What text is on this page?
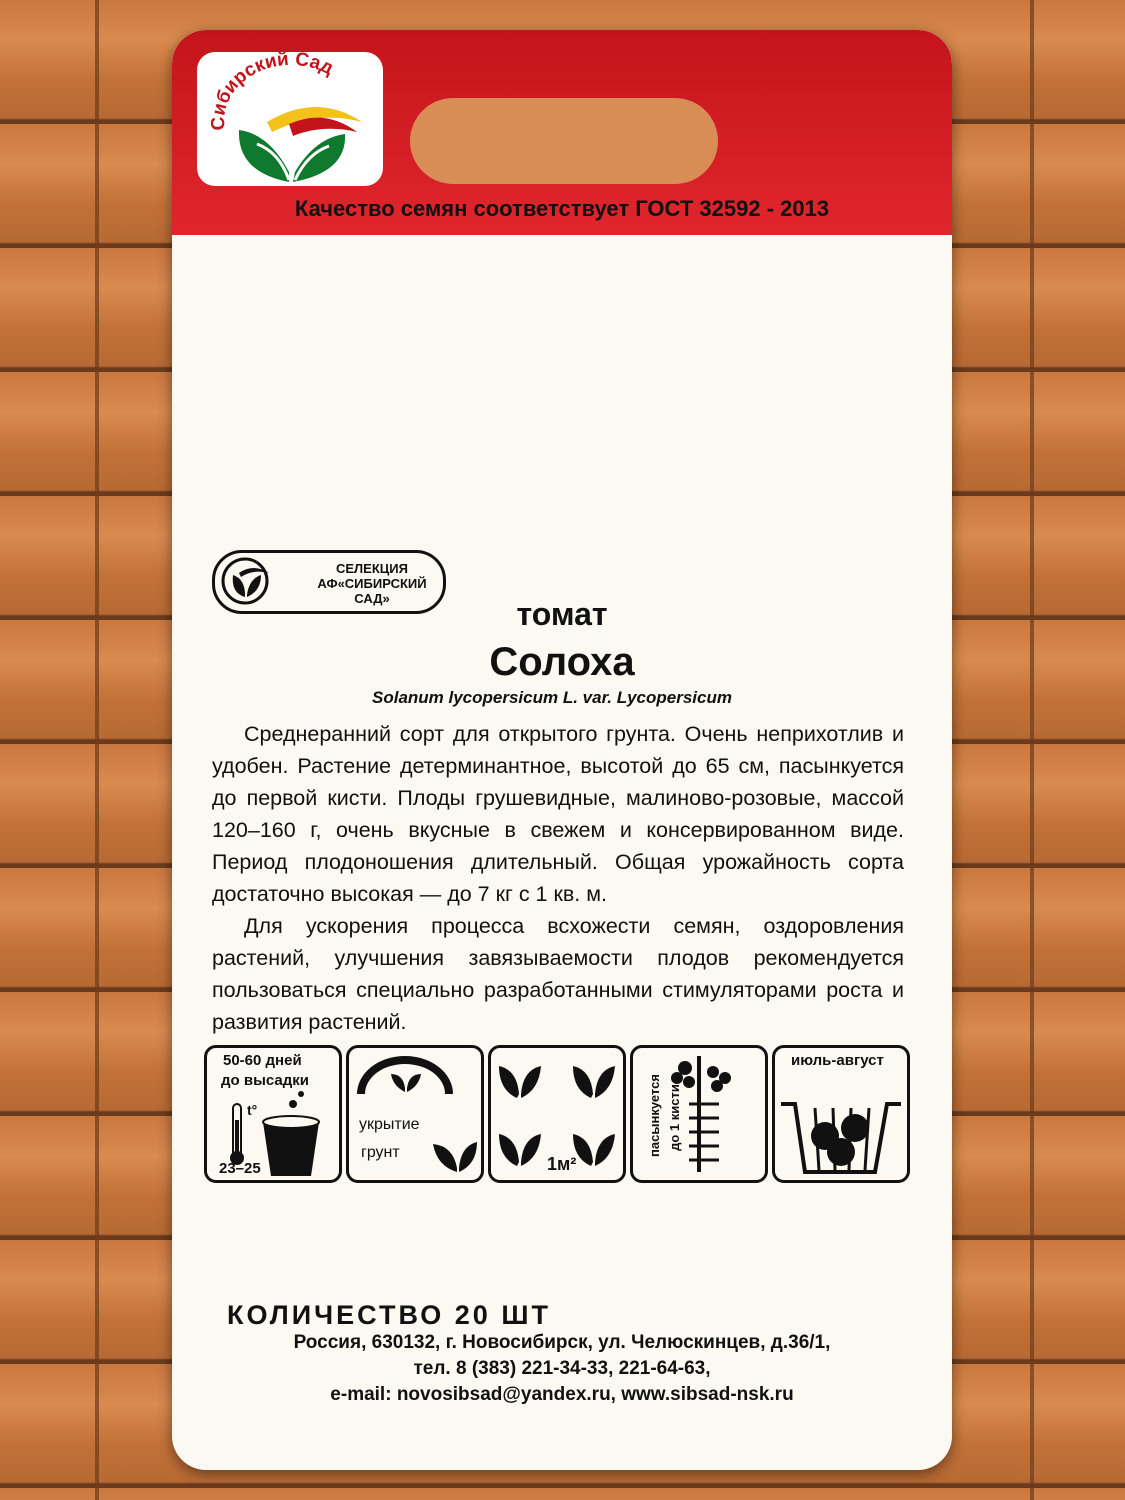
Сибирский Сад
Качество семян соответствует ГОСТ 32592 - 2013
СЕЛЕКЦИЯ
АФ«СИБИРСКИЙ САД»	томат
Солоха
Solanum lycopersicum L. var. Lycopersicum

Среднеранний сорт для открытого грунта. Очень неприхотлив и удобен. Растение детерминантное, высотой до 65 см, пасынкуется до первой кисти. Плоды грушевидные, малиново-розовые, массой 120–160 г, очень вкусные в свежем и консервированном виде. Период плодоношения длительный. Общая урожайность сорта достаточно высокая — до 7 кг с 1 кв. м.

Для ускорения процесса всхожести семян, оздоровления растений, улучшения завязываемости плодов рекомендуется пользоваться специально разработанными стимуляторами роста и развития растений.

50-60 дней
до высадки
t°
23–25
укрытие
грунт
1м²
пасынкуется до 1 кисти
июль-август
КОЛИЧЕСТВО 20 ШТ
Россия, 630132, г. Новосибирск, ул. Челюскинцев, д.36/1,
тел. 8 (383) 221-34-33, 221-64-63,
e-mail: novosibsad@yandex.ru, www.sibsad-nsk.ru
